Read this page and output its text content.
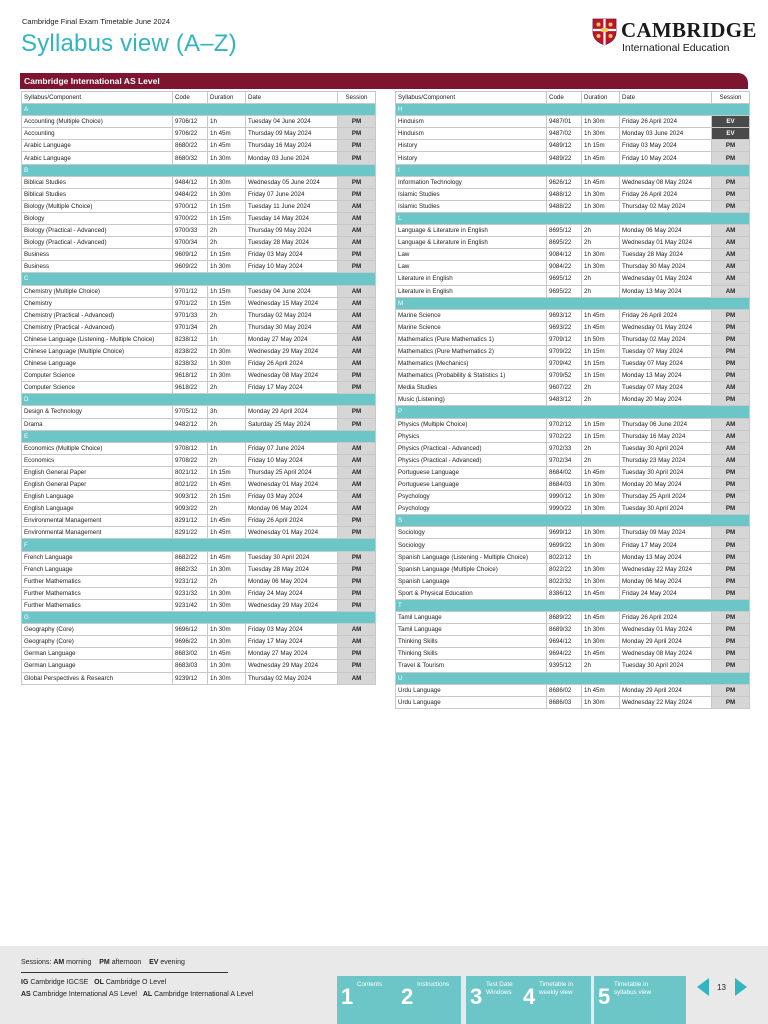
Cambridge Final Exam Timetable June 2024
Syllabus view (A–Z)	CAMBRIDGE
International Education
Cambridge International AS Level
Syllabus/Component	Code	Duration	Date	Session
A				
Accounting (Multiple Choice)	9706/12	1h	Tuesday 04 June 2024	PM
Accounting	9706/22	1h 45m	Thursday 09 May 2024	PM
Arabic Language	8680/22	1h 45m	Thursday 16 May 2024	PM
Arabic Language	8680/32	1h 30m	Monday 03 June 2024	PM
B				
Biblical Studies	9484/12	1h 30m	Wednesday 05 June 2024	PM
Biblical Studies	9484/22	1h 30m	Friday 07 June 2024	PM
Biology (Multiple Choice)	9700/12	1h 15m	Tuesday 11 June 2024	AM
Biology	9700/22	1h 15m	Tuesday 14 May 2024	AM
Biology (Practical - Advanced)	9700/33	2h	Thursday 09 May 2024	AM
Biology (Practical - Advanced)	9700/34	2h	Tuesday 28 May 2024	AM
Business	9609/12	1h 15m	Friday 03 May 2024	PM
Business	9609/22	1h 30m	Friday 10 May 2024	PM
C				
Chemistry (Multiple Choice)	9701/12	1h 15m	Tuesday 04 June 2024	AM
Chemistry	9701/22	1h 15m	Wednesday 15 May 2024	AM
Chemistry (Practical - Advanced)	9701/33	2h	Thursday 02 May 2024	AM
Chemistry (Practical - Advanced)	9701/34	2h	Thursday 30 May 2024	AM
Chinese Language (Listening - Multiple Choice)	8238/12	1h	Monday 27 May 2024	AM
Chinese Language (Multiple Choice)	8238/22	1h 30m	Wednesday 29 May 2024	AM
Chinese Language	8238/32	1h 30m	Friday 26 April 2024	AM
Computer Science	9618/12	1h 30m	Wednesday 08 May 2024	PM
Computer Science	9618/22	2h	Friday 17 May 2024	PM
D				
Design & Technology	9705/12	3h	Monday 29 April 2024	PM
Drama	9482/12	2h	Saturday 25 May 2024	PM
E				
Economics (Multiple Choice)	9708/12	1h	Friday 07 June 2024	AM
Economics	9708/22	2h	Friday 10 May 2024	AM
English General Paper	8021/12	1h 15m	Thursday 25 April 2024	AM
English General Paper	8021/22	1h 45m	Wednesday 01 May 2024	AM
English Language	9093/12	2h 15m	Friday 03 May 2024	AM
English Language	9093/22	2h	Monday 06 May 2024	AM
Environmental Management	8291/12	1h 45m	Friday 26 April 2024	PM
Environmental Management	8291/22	1h 45m	Wednesday 01 May 2024	PM
F				
French Language	8682/22	1h 45m	Tuesday 30 April 2024	PM
French Language	8682/32	1h 30m	Tuesday 28 May 2024	PM
Further Mathematics	9231/12	2h	Monday 06 May 2024	PM
Further Mathematics	9231/32	1h 30m	Friday 24 May 2024	PM
Further Mathematics	9231/42	1h 30m	Wednesday 29 May 2024	PM
G				
Geography (Core)	9696/12	1h 30m	Friday 03 May 2024	AM
Geography (Core)	9696/22	1h 30m	Friday 17 May 2024	AM
German Language	8683/02	1h 45m	Monday 27 May 2024	PM
German Language	8683/03	1h 30m	Wednesday 29 May 2024	PM
Global Perspectives & Research	9239/12	1h 30m	Thursday 02 May 2024	AM
Syllabus/Component	Code	Duration	Date	Session
H				
Hinduism	9487/01	1h 30m	Friday 26 April 2024	EV
Hinduism	9487/02	1h 30m	Monday 03 June 2024	EV
History	9489/12	1h 15m	Friday 03 May 2024	PM
History	9489/22	1h 45m	Friday 10 May 2024	PM
I				
Information Technology	9626/12	1h 45m	Wednesday 08 May 2024	PM
Islamic Studies	9488/12	1h 30m	Friday 26 April 2024	PM
Islamic Studies	9488/22	1h 30m	Thursday 02 May 2024	PM
L				
Language & Literature in English	8695/12	2h	Monday 06 May 2024	AM
Language & Literature in English	8695/22	2h	Wednesday 01 May 2024	AM
Law	9084/12	1h 30m	Tuesday 28 May 2024	AM
Law	9084/22	1h 30m	Thursday 30 May 2024	AM
Literature in English	9695/12	2h	Wednesday 01 May 2024	AM
Literature in English	9695/22	2h	Monday 13 May 2024	AM
M				
Marine Science	9693/12	1h 45m	Friday 26 April 2024	PM
Marine Science	9693/22	1h 45m	Wednesday 01 May 2024	PM
Mathematics (Pure Mathematics 1)	9709/12	1h 50m	Thursday 02 May 2024	PM
Mathematics (Pure Mathematics 2)	9709/22	1h 15m	Tuesday 07 May 2024	PM
Mathematics (Mechanics)	9709/42	1h 15m	Tuesday 07 May 2024	PM
Mathematics (Probability & Statistics 1)	9709/52	1h 15m	Monday 13 May 2024	PM
Media Studies	9607/22	2h	Tuesday 07 May 2024	AM
Music (Listening)	9483/12	2h	Monday 20 May 2024	PM
P				
Physics (Multiple Choice)	9702/12	1h 15m	Thursday 06 June 2024	AM
Physics	9702/22	1h 15m	Thursday 16 May 2024	AM
Physics (Practical - Advanced)	9702/33	2h	Tuesday 30 April 2024	AM
Physics (Practical - Advanced)	9702/34	2h	Thursday 23 May 2024	AM
Portuguese Language	8684/02	1h 45m	Tuesday 30 April 2024	PM
Portuguese Language	8684/03	1h 30m	Monday 20 May 2024	PM
Psychology	9990/12	1h 30m	Thursday 25 April 2024	PM
Psychology	9990/22	1h 30m	Tuesday 30 April 2024	PM
S				
Sociology	9699/12	1h 30m	Thursday 09 May 2024	PM
Sociology	9699/22	1h 30m	Friday 17 May 2024	PM
Spanish Language (Listening - Multiple Choice)	8022/12	1h	Monday 13 May 2024	PM
Spanish Language (Multiple Choice)	8022/22	1h 30m	Wednesday 22 May 2024	PM
Spanish Language	8022/32	1h 30m	Monday 06 May 2024	PM
Sport & Physical Education	8386/12	1h 45m	Friday 24 May 2024	PM
T				
Tamil Language	8689/22	1h 45m	Friday 26 April 2024	PM
Tamil Language	8689/32	1h 30m	Wednesday 01 May 2024	PM
Thinking Skills	9694/12	1h 30m	Monday 29 April 2024	PM
Thinking Skills	9694/22	1h 45m	Wednesday 08 May 2024	PM
Travel & Tourism	9395/12	2h	Tuesday 30 April 2024	PM
U				
Urdu Language	8686/02	1h 45m	Monday 29 April 2024	PM
Urdu Language	8686/03	1h 30m	Wednesday 22 May 2024	PM
Sessions: AM morning PM afternoon EV evening
IG Cambridge IGCSE OL Cambridge O Level
AS Cambridge International AS Level AL Cambridge International A Level	1 Contents 2 Instructions 3 Test Date Windows 4 Timetable in weekly view	5 Timetable in syllabus view
13
